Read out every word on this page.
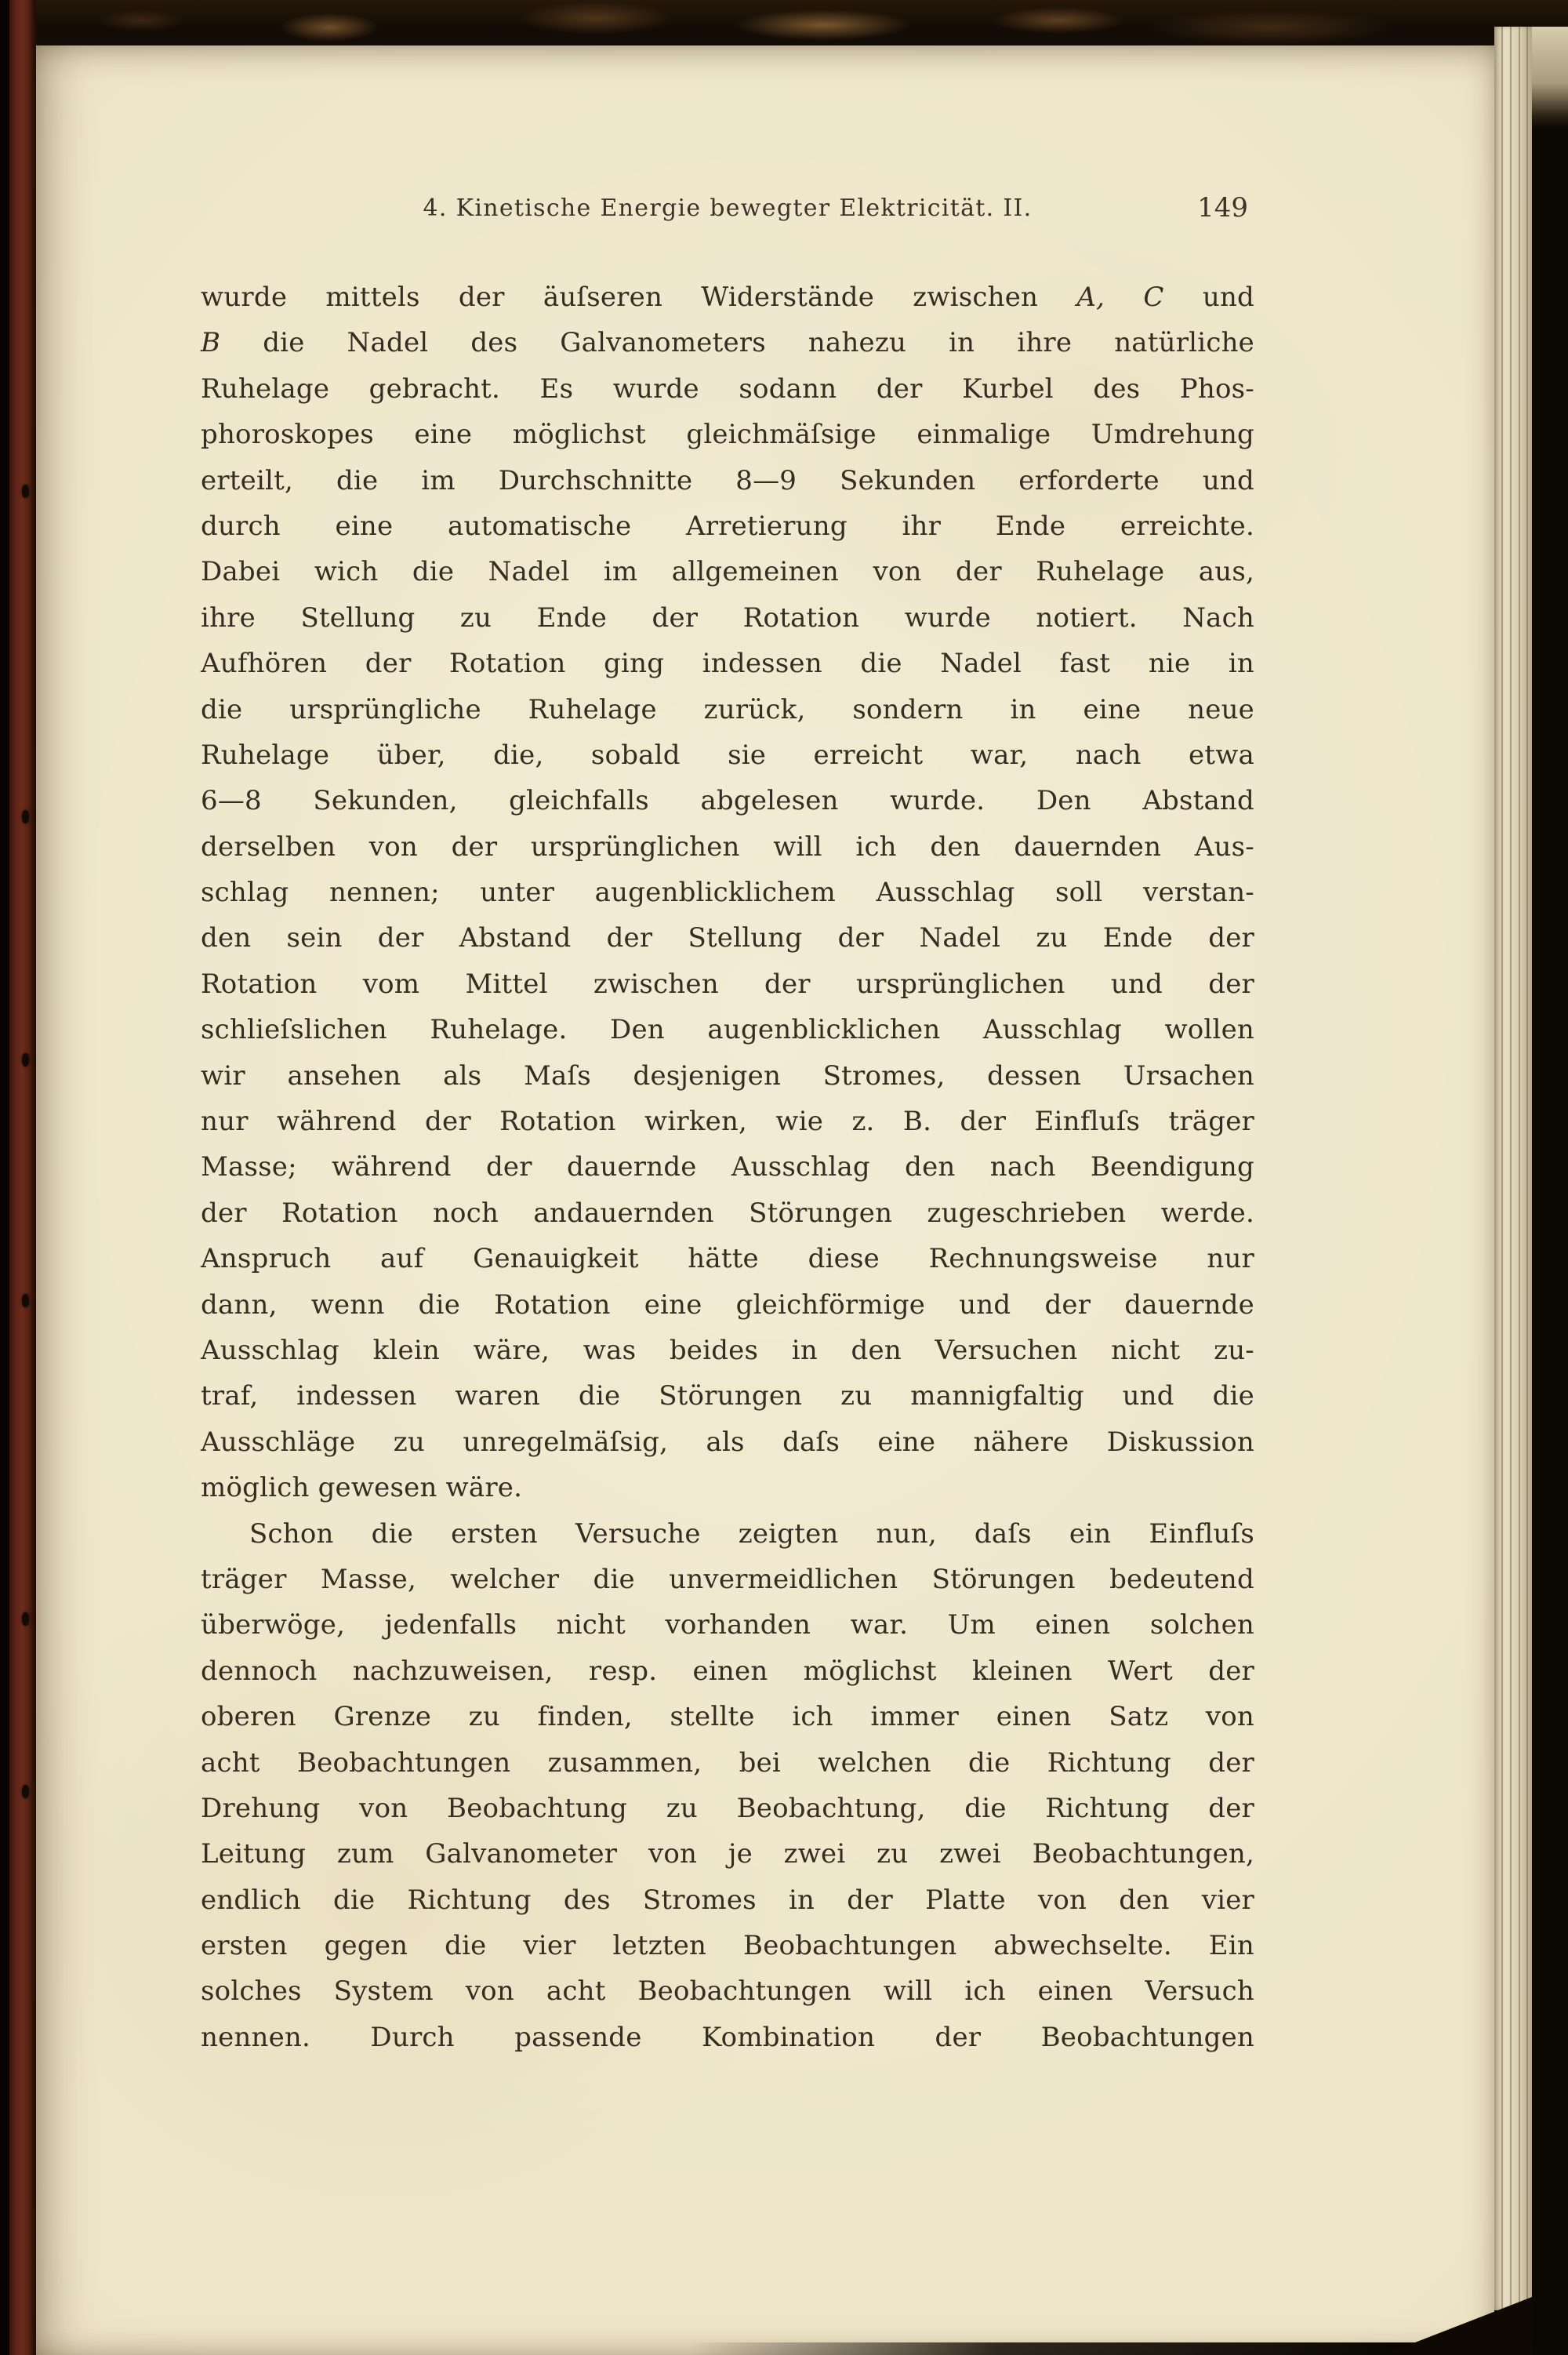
4. Kinetische Energie bewegter Elektricität. II.	149
wurde mittels der äuſseren Widerstände zwischen A, C und
B die Nadel des Galvanometers nahezu in ihre natürliche
Ruhelage gebracht. Es wurde sodann der Kurbel des Phos-
phoroskopes eine möglichst gleichmäſsige einmalige Umdrehung
erteilt, die im Durchschnitte 8—9 Sekunden erforderte und
durch eine automatische Arretierung ihr Ende erreichte.
Dabei wich die Nadel im allgemeinen von der Ruhelage aus,
ihre Stellung zu Ende der Rotation wurde notiert. Nach
Aufhören der Rotation ging indessen die Nadel fast nie in
die ursprüngliche Ruhelage zurück, sondern in eine neue
Ruhelage über, die, sobald sie erreicht war, nach etwa
6—8 Sekunden, gleichfalls abgelesen wurde. Den Abstand
derselben von der ursprünglichen will ich den dauernden Aus-
schlag nennen; unter augenblicklichem Ausschlag soll verstan-
den sein der Abstand der Stellung der Nadel zu Ende der
Rotation vom Mittel zwischen der ursprünglichen und der
schlieſslichen Ruhelage. Den augenblicklichen Ausschlag wollen
wir ansehen als Maſs desjenigen Stromes, dessen Ursachen
nur während der Rotation wirken, wie z. B. der Einfluſs träger
Masse; während der dauernde Ausschlag den nach Beendigung
der Rotation noch andauernden Störungen zugeschrieben werde.
Anspruch auf Genauigkeit hätte diese Rechnungsweise nur
dann, wenn die Rotation eine gleichförmige und der dauernde
Ausschlag klein wäre, was beides in den Versuchen nicht zu-
traf, indessen waren die Störungen zu mannigfaltig und die
Ausschläge zu unregelmäſsig, als daſs eine nähere Diskussion
möglich gewesen wäre.
Schon die ersten Versuche zeigten nun, daſs ein Einfluſs
träger Masse, welcher die unvermeidlichen Störungen bedeutend
überwöge, jedenfalls nicht vorhanden war. Um einen solchen
dennoch nachzuweisen, resp. einen möglichst kleinen Wert der
oberen Grenze zu finden, stellte ich immer einen Satz von
acht Beobachtungen zusammen, bei welchen die Richtung der
Drehung von Beobachtung zu Beobachtung, die Richtung der
Leitung zum Galvanometer von je zwei zu zwei Beobachtungen,
endlich die Richtung des Stromes in der Platte von den vier
ersten gegen die vier letzten Beobachtungen abwechselte. Ein
solches System von acht Beobachtungen will ich einen Versuch
nennen. Durch passende Kombination der Beobachtungen
